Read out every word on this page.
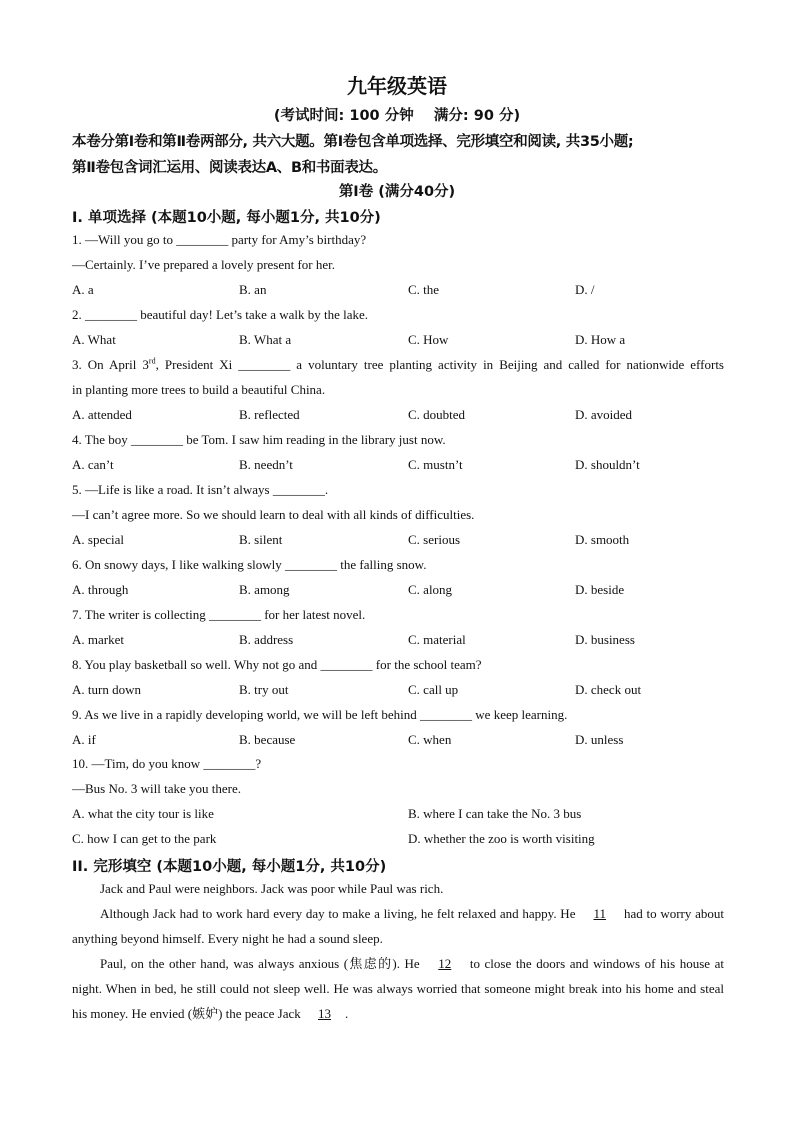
九年级英语
(考试时间: 100 分钟    满分: 90 分)
本卷分第Ⅰ卷和第Ⅱ卷两部分, 共六大题。第Ⅰ卷包含单项选择、完形填空和阅读, 共35小题;
第Ⅱ卷包含词汇运用、阅读表达A、B和书面表达。
第Ⅰ卷 (满分40分)
I. 单项选择 (本题10小题, 每小题1分, 共10分)
1. —Will you go to ________ party for Amy’s birthday?
—Certainly. I’ve prepared a lovely present for her.
A. a	B. an	C. the	D. /
2. ________ beautiful day! Let’s take a walk by the lake.
A. What	B. What a	C. How	D. How a
3. On April 3rd, President Xi ________ a voluntary tree planting activity in Beijing and called for nationwide efforts
in planting more trees to build a beautiful China.
A. attended	B. reflected	C. doubted	D. avoided
4. The boy ________ be Tom. I saw him reading in the library just now.
A. can’t	B. needn’t	C. mustn’t	D. shouldn’t
5. —Life is like a road. It isn’t always ________.
—I can’t agree more. So we should learn to deal with all kinds of difficulties.
A. special	B. silent	C. serious	D. smooth
6. On snowy days, I like walking slowly ________ the falling snow.
A. through	B. among	C. along	D. beside
7. The writer is collecting ________ for her latest novel.
A. market	B. address	C. material	D. business
8. You play basketball so well. Why not go and ________ for the school team?
A. turn down	B. try out	C. call up	D. check out
9. As we live in a rapidly developing world, we will be left behind ________ we keep learning.
A. if	B. because	C. when	D. unless
10. —Tim, do you know ________?
—Bus No. 3 will take you there.
A. what the city tour is like	B. where I can take the No. 3 bus
C. how I can get to the park	D. whether the zoo is worth visiting
II. 完形填空 (本题10小题, 每小题1分, 共10分)
Jack and Paul were neighbors. Jack was poor while Paul was rich.
Although Jack had to work hard every day to make a living, he felt relaxed and happy. He 11 had to worry about anything beyond himself. Every night he had a sound sleep.
Paul, on the other hand, was always anxious (焦虑的). He 12 to close the doors and windows of his house at night. When in bed, he still could not sleep well. He was always worried that someone might break into his home and steal his money. He envied (嫉妒) the peace Jack 13 .
